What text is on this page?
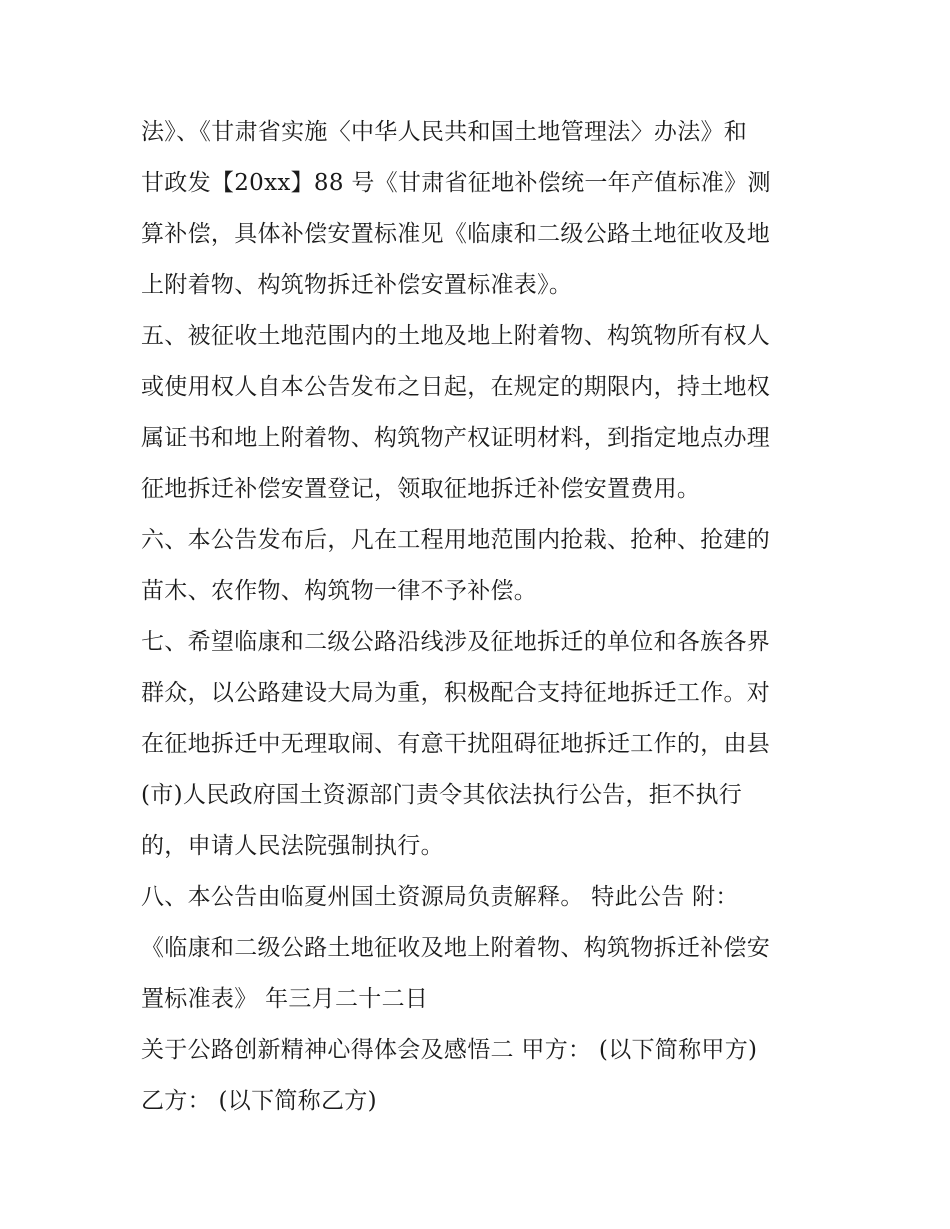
法》、《甘肃省实施〈中华人民共和国土地管理法〉办法》和
甘政发【20xx】88 号《甘肃省征地补偿统一年产值标准》测
算补偿，具体补偿安置标准见《临康和二级公路土地征收及地
上附着物、构筑物拆迁补偿安置标准表》。
五、被征收土地范围内的土地及地上附着物、构筑物所有权人
或使用权人自本公告发布之日起，在规定的期限内，持土地权
属证书和地上附着物、构筑物产权证明材料，到指定地点办理
征地拆迁补偿安置登记，领取征地拆迁补偿安置费用。
六、本公告发布后，凡在工程用地范围内抢栽、抢种、抢建的
苗木、农作物、构筑物一律不予补偿。
七、希望临康和二级公路沿线涉及征地拆迁的单位和各族各界
群众，以公路建设大局为重，积极配合支持征地拆迁工作。对
在征地拆迁中无理取闹、有意干扰阻碍征地拆迁工作的，由县
(市)人民政府国土资源部门责令其依法执行公告，拒不执行
的，申请人民法院强制执行。
八、本公告由临夏州国土资源局负责解释。 特此公告 附：
《临康和二级公路土地征收及地上附着物、构筑物拆迁补偿安
置标准表》 年三月二十二日
关于公路创新精神心得体会及感悟二 甲方： (以下简称甲方)
乙方： (以下简称乙方)
